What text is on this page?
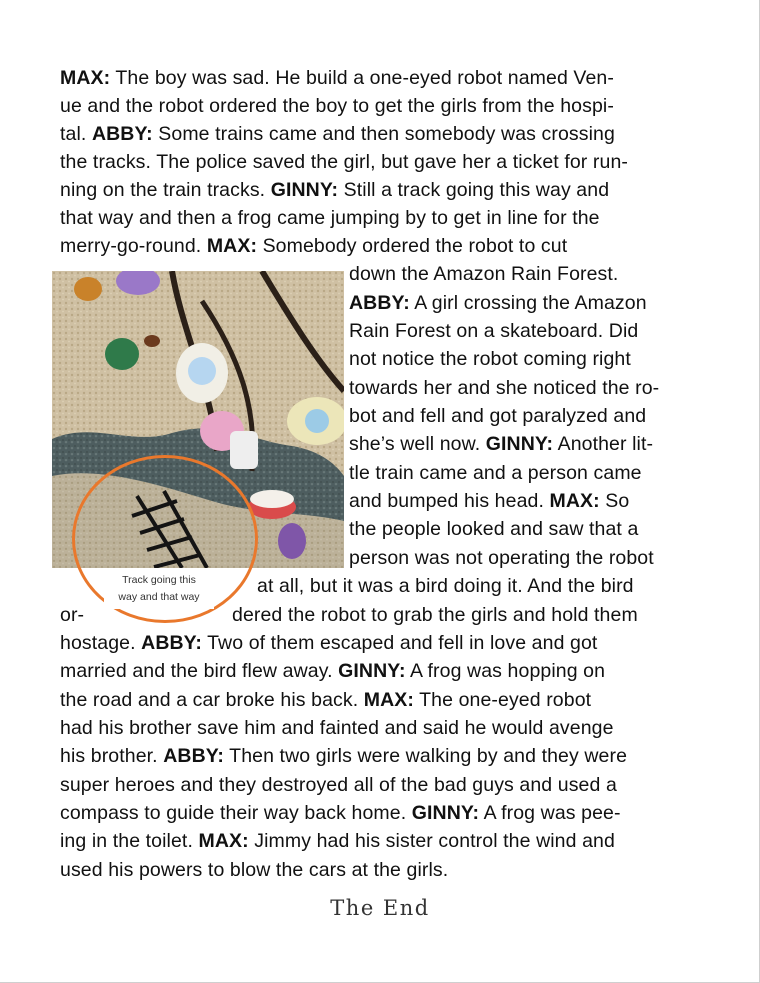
MAX: The boy was sad. He build a one-eyed robot named Ven-
ue and the robot ordered the boy to get the girls from the hospi-
tal. ABBY: Some trains came and then somebody was crossing
the tracks. The police saved the girl, but gave her a ticket for run-
ning on the train tracks. GINNY: Still a track going this way and
that way and then a frog came jumping by to get in line for the
merry-go-round. MAX: Somebody ordered the robot to cut
down the Amazon Rain Forest.
ABBY: A girl crossing the Amazon
Rain Forest on a skateboard. Did
not notice the robot coming right
towards her and she noticed the ro-
bot and fell and got paralyzed and
she’s well now. GINNY: Another lit-
tle train came and a person came
and bumped his head. MAX: So
the people looked and saw that a
person was not operating the robot
at all, but it was a bird doing it. And the bird
or-	dered the robot to grab the girls and hold them
hostage. ABBY: Two of them escaped and fell in love and got
married and the bird flew away. GINNY: A frog was hopping on
the road and a car broke his back. MAX: The one-eyed robot
had his brother save him and fainted and said he would avenge
his brother. ABBY: Then two girls were walking by and they were
super heroes and they destroyed all of the bad guys and used a
compass to guide their way back home. GINNY: A frog was pee-
ing in the toilet. MAX: Jimmy had his sister control the wind and
used his powers to blow the cars at the girls.
Track going this
way and that way
The End
